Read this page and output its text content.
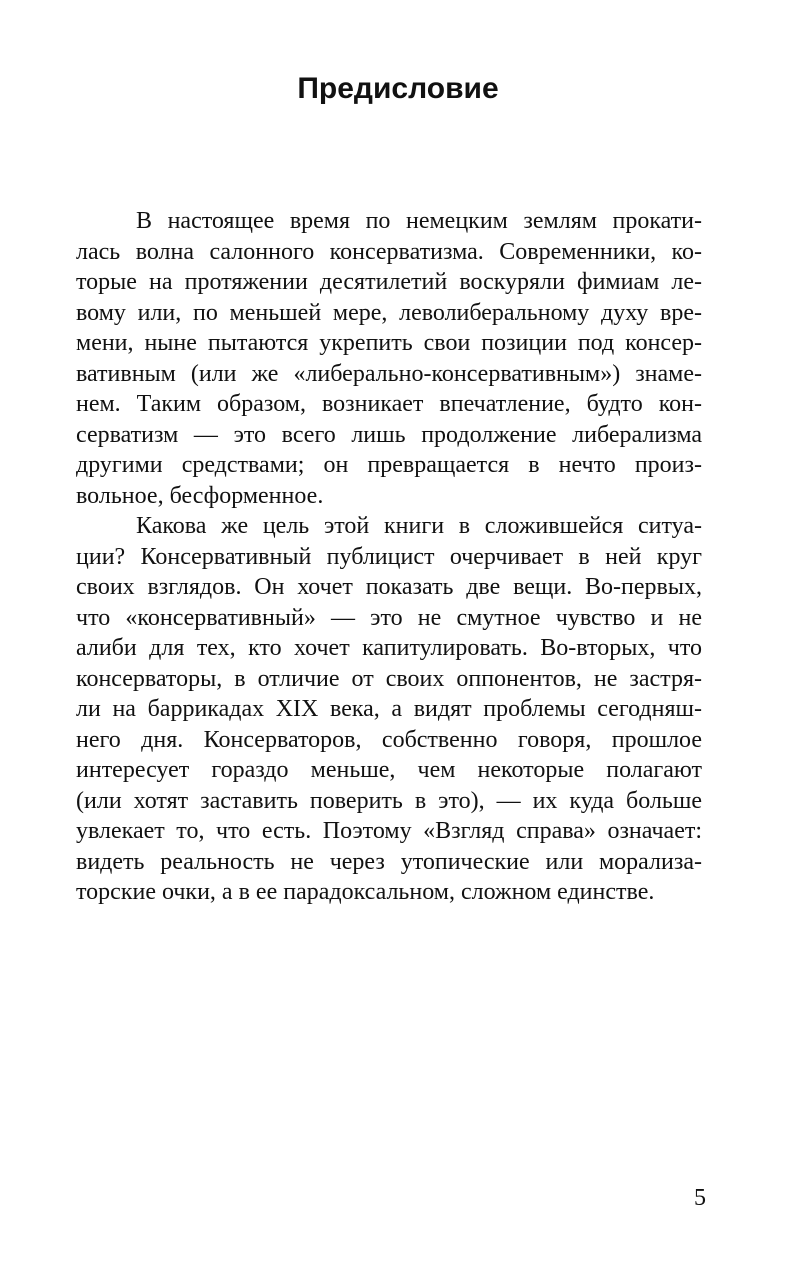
Предисловие

В настоящее время по немецким землям прокати-
лась волна салонного консерватизма. Современники, ко-
торые на протяжении десятилетий воскуряли фимиам ле-
вому или, по меньшей мере, леволиберальному духу вре-
мени, ныне пытаются укрепить свои позиции под консер-
вативным (или же «либерально-консервативным») знаме-
нем. Таким образом, возникает впечатление, будто кон-
серватизм — это всего лишь продолжение либерализма
другими средствами; он превращается в нечто произ-
вольное, бесформенное.

Какова же цель этой книги в сложившейся ситуа-
ции? Консервативный публицист очерчивает в ней круг
своих взглядов. Он хочет показать две вещи. Во-первых,
что «консервативный» — это не смутное чувство и не
алиби для тех, кто хочет капитулировать. Во-вторых, что
консерваторы, в отличие от своих оппонентов, не застря-
ли на баррикадах XIX века, а видят проблемы сегодняш-
него дня. Консерваторов, собственно говоря, прошлое
интересует гораздо меньше, чем некоторые полагают
(или хотят заставить поверить в это), — их куда больше
увлекает то, что есть. Поэтому «Взгляд справа» означает:
видеть реальность не через утопические или морализа-
торские очки, а в ее парадоксальном, сложном единстве.

5
